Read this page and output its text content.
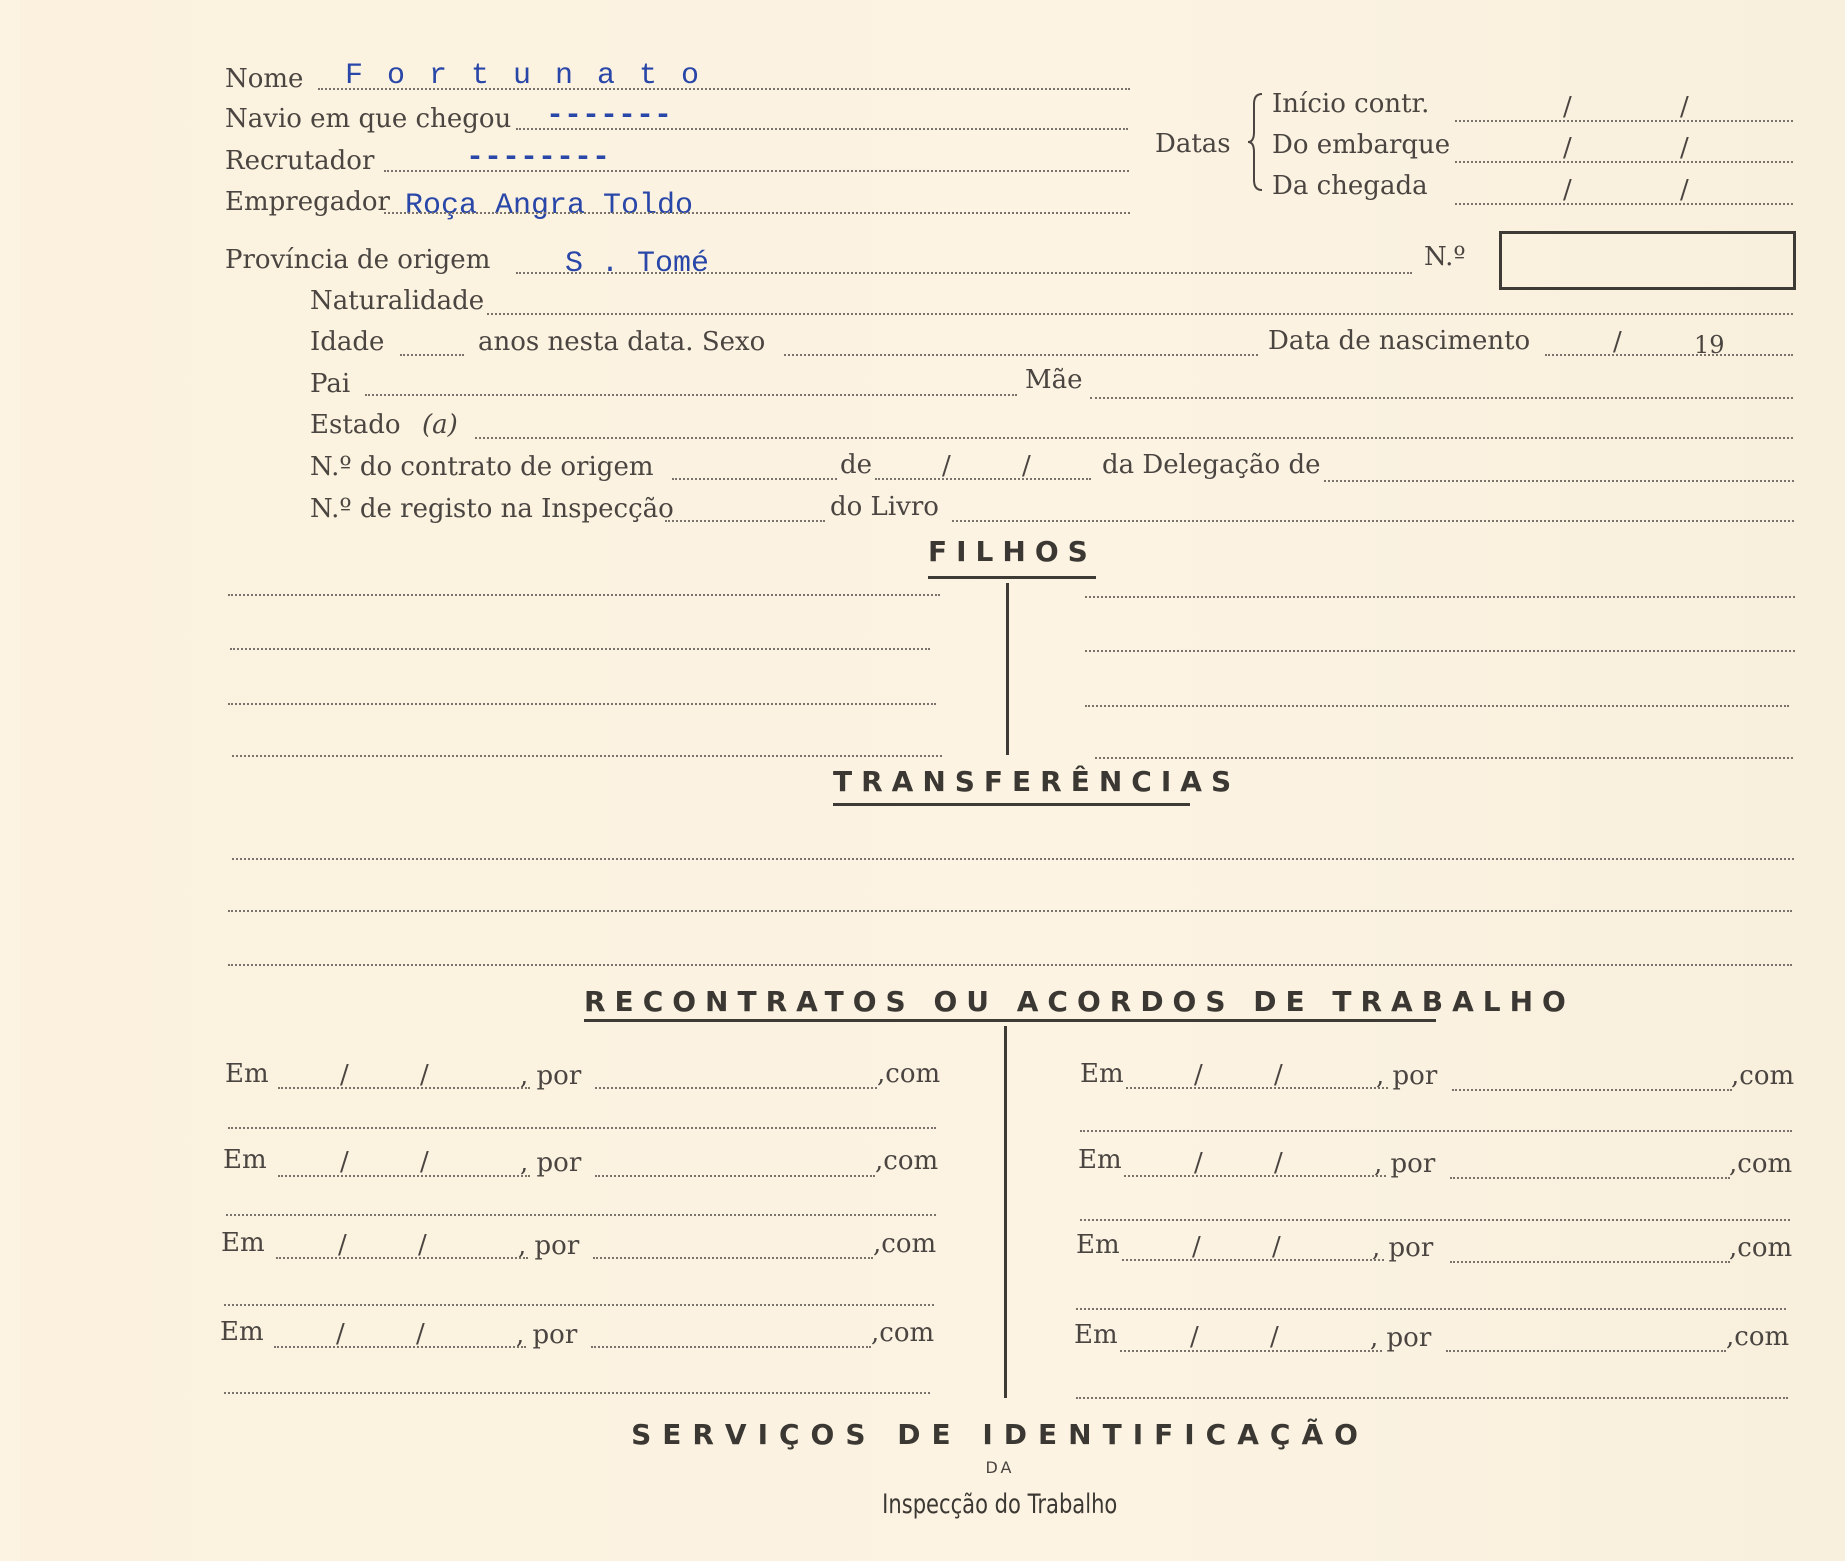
Nome F o r t u n a t o
Navio em que chegou -------
Recrutador	--------
Empregador Roça Angra Toldo
Datas
Início contr.	/	/
Do embarque	/	/
Da chegada	/	/
Província de origem S . Tomé	N.º
Naturalidade
Idade	anos nesta data. Sexo	Data de nascimento	/	19
Pai	Mãe
Estado (a)
N.º do contrato de origem	de	/	/	da Delegação de
N.º de registo na Inspecção	do Livro
FILHOS
TRANSFERÊNCIAS
RECONTRATOS OU ACORDOS DE TRABALHO
Em	/	/	, por	,com
Em	/	/	, por	,com
Em	/	/	, por	,com
Em	/	/	, por	,com
Em	/	/	, por	,com
Em	/	/	, por	,com
Em	/	/	, por	,com
Em	/	/	, por	,com
SERVIÇOS DE IDENTIFICAÇÃO
DA
Inspecção do Trabalho
